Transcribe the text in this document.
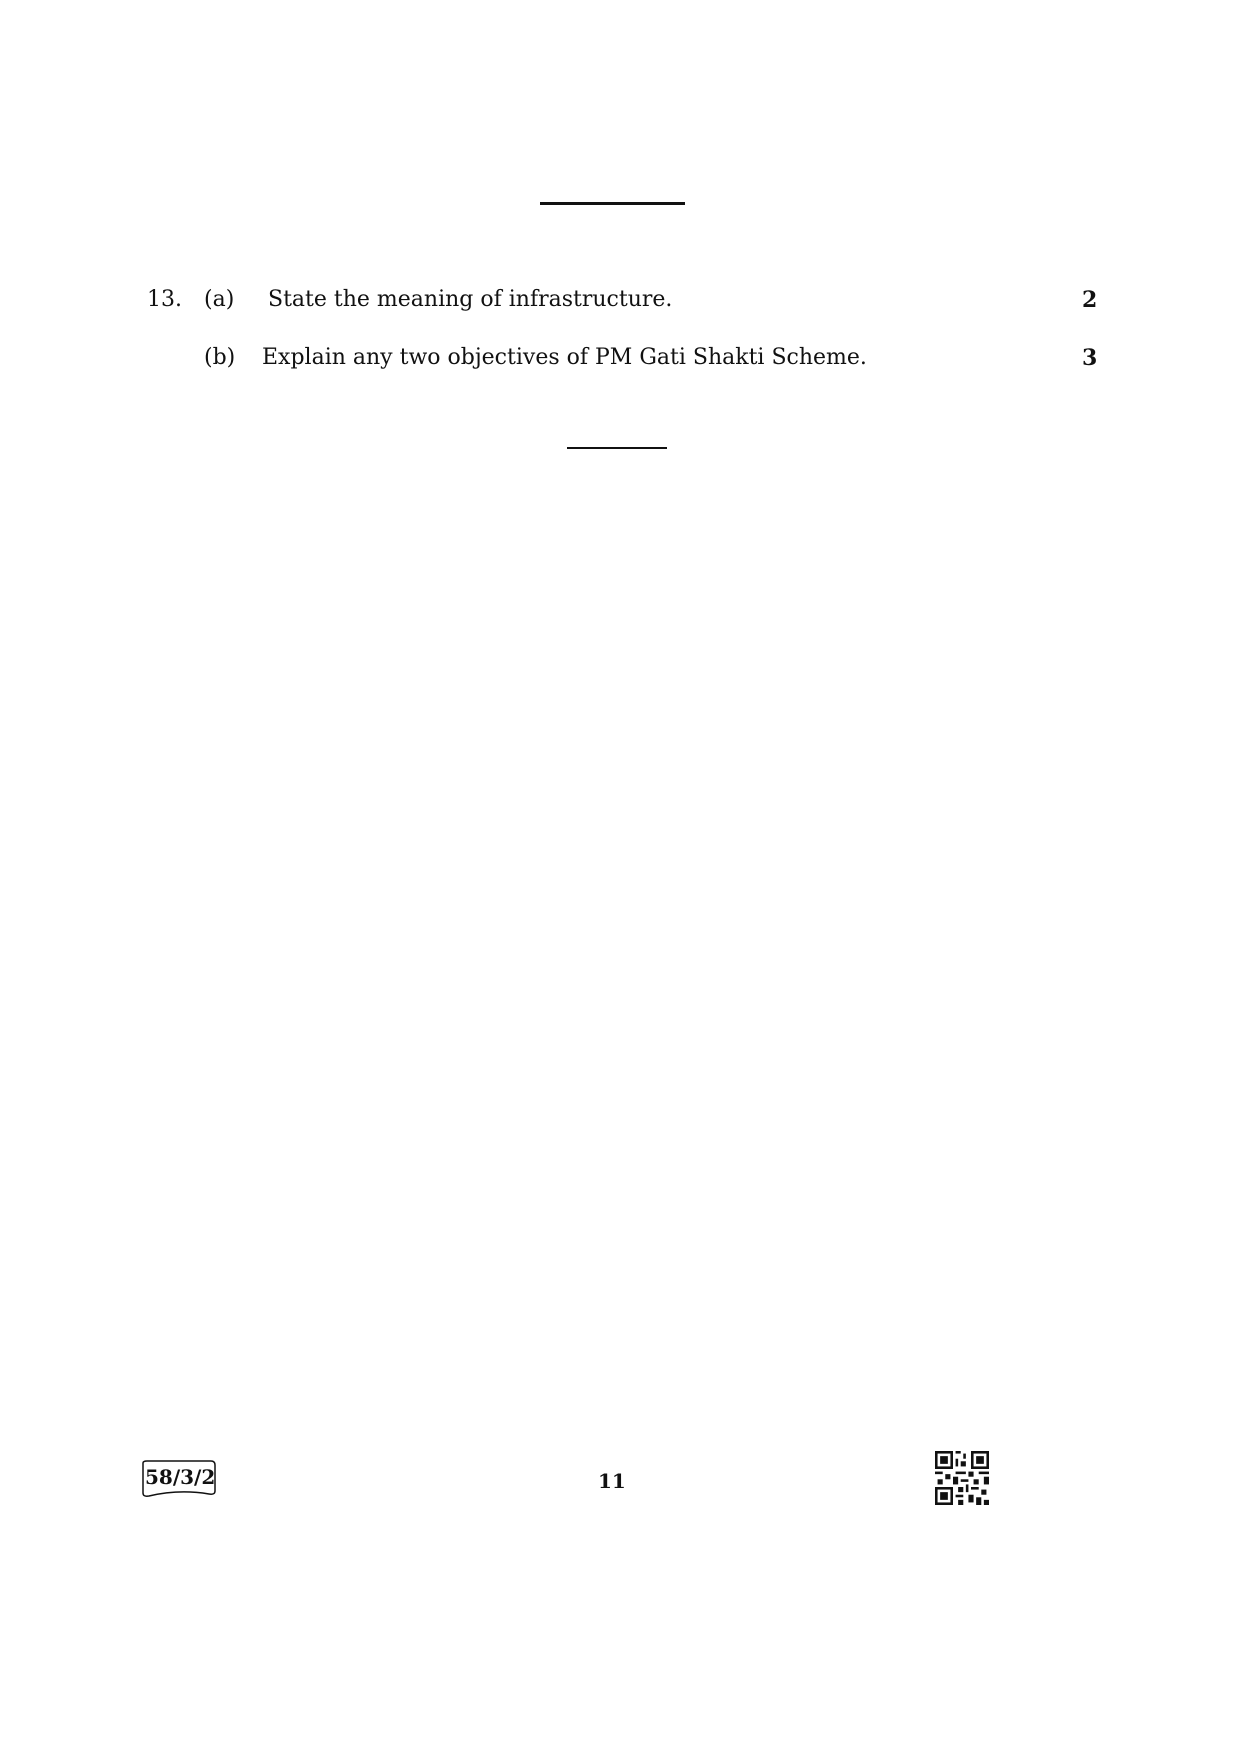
13. (a) State the meaning of infrastructure.	2
(b) Explain any two objectives of PM Gati Shakti Scheme.	3
58/3/2	11
